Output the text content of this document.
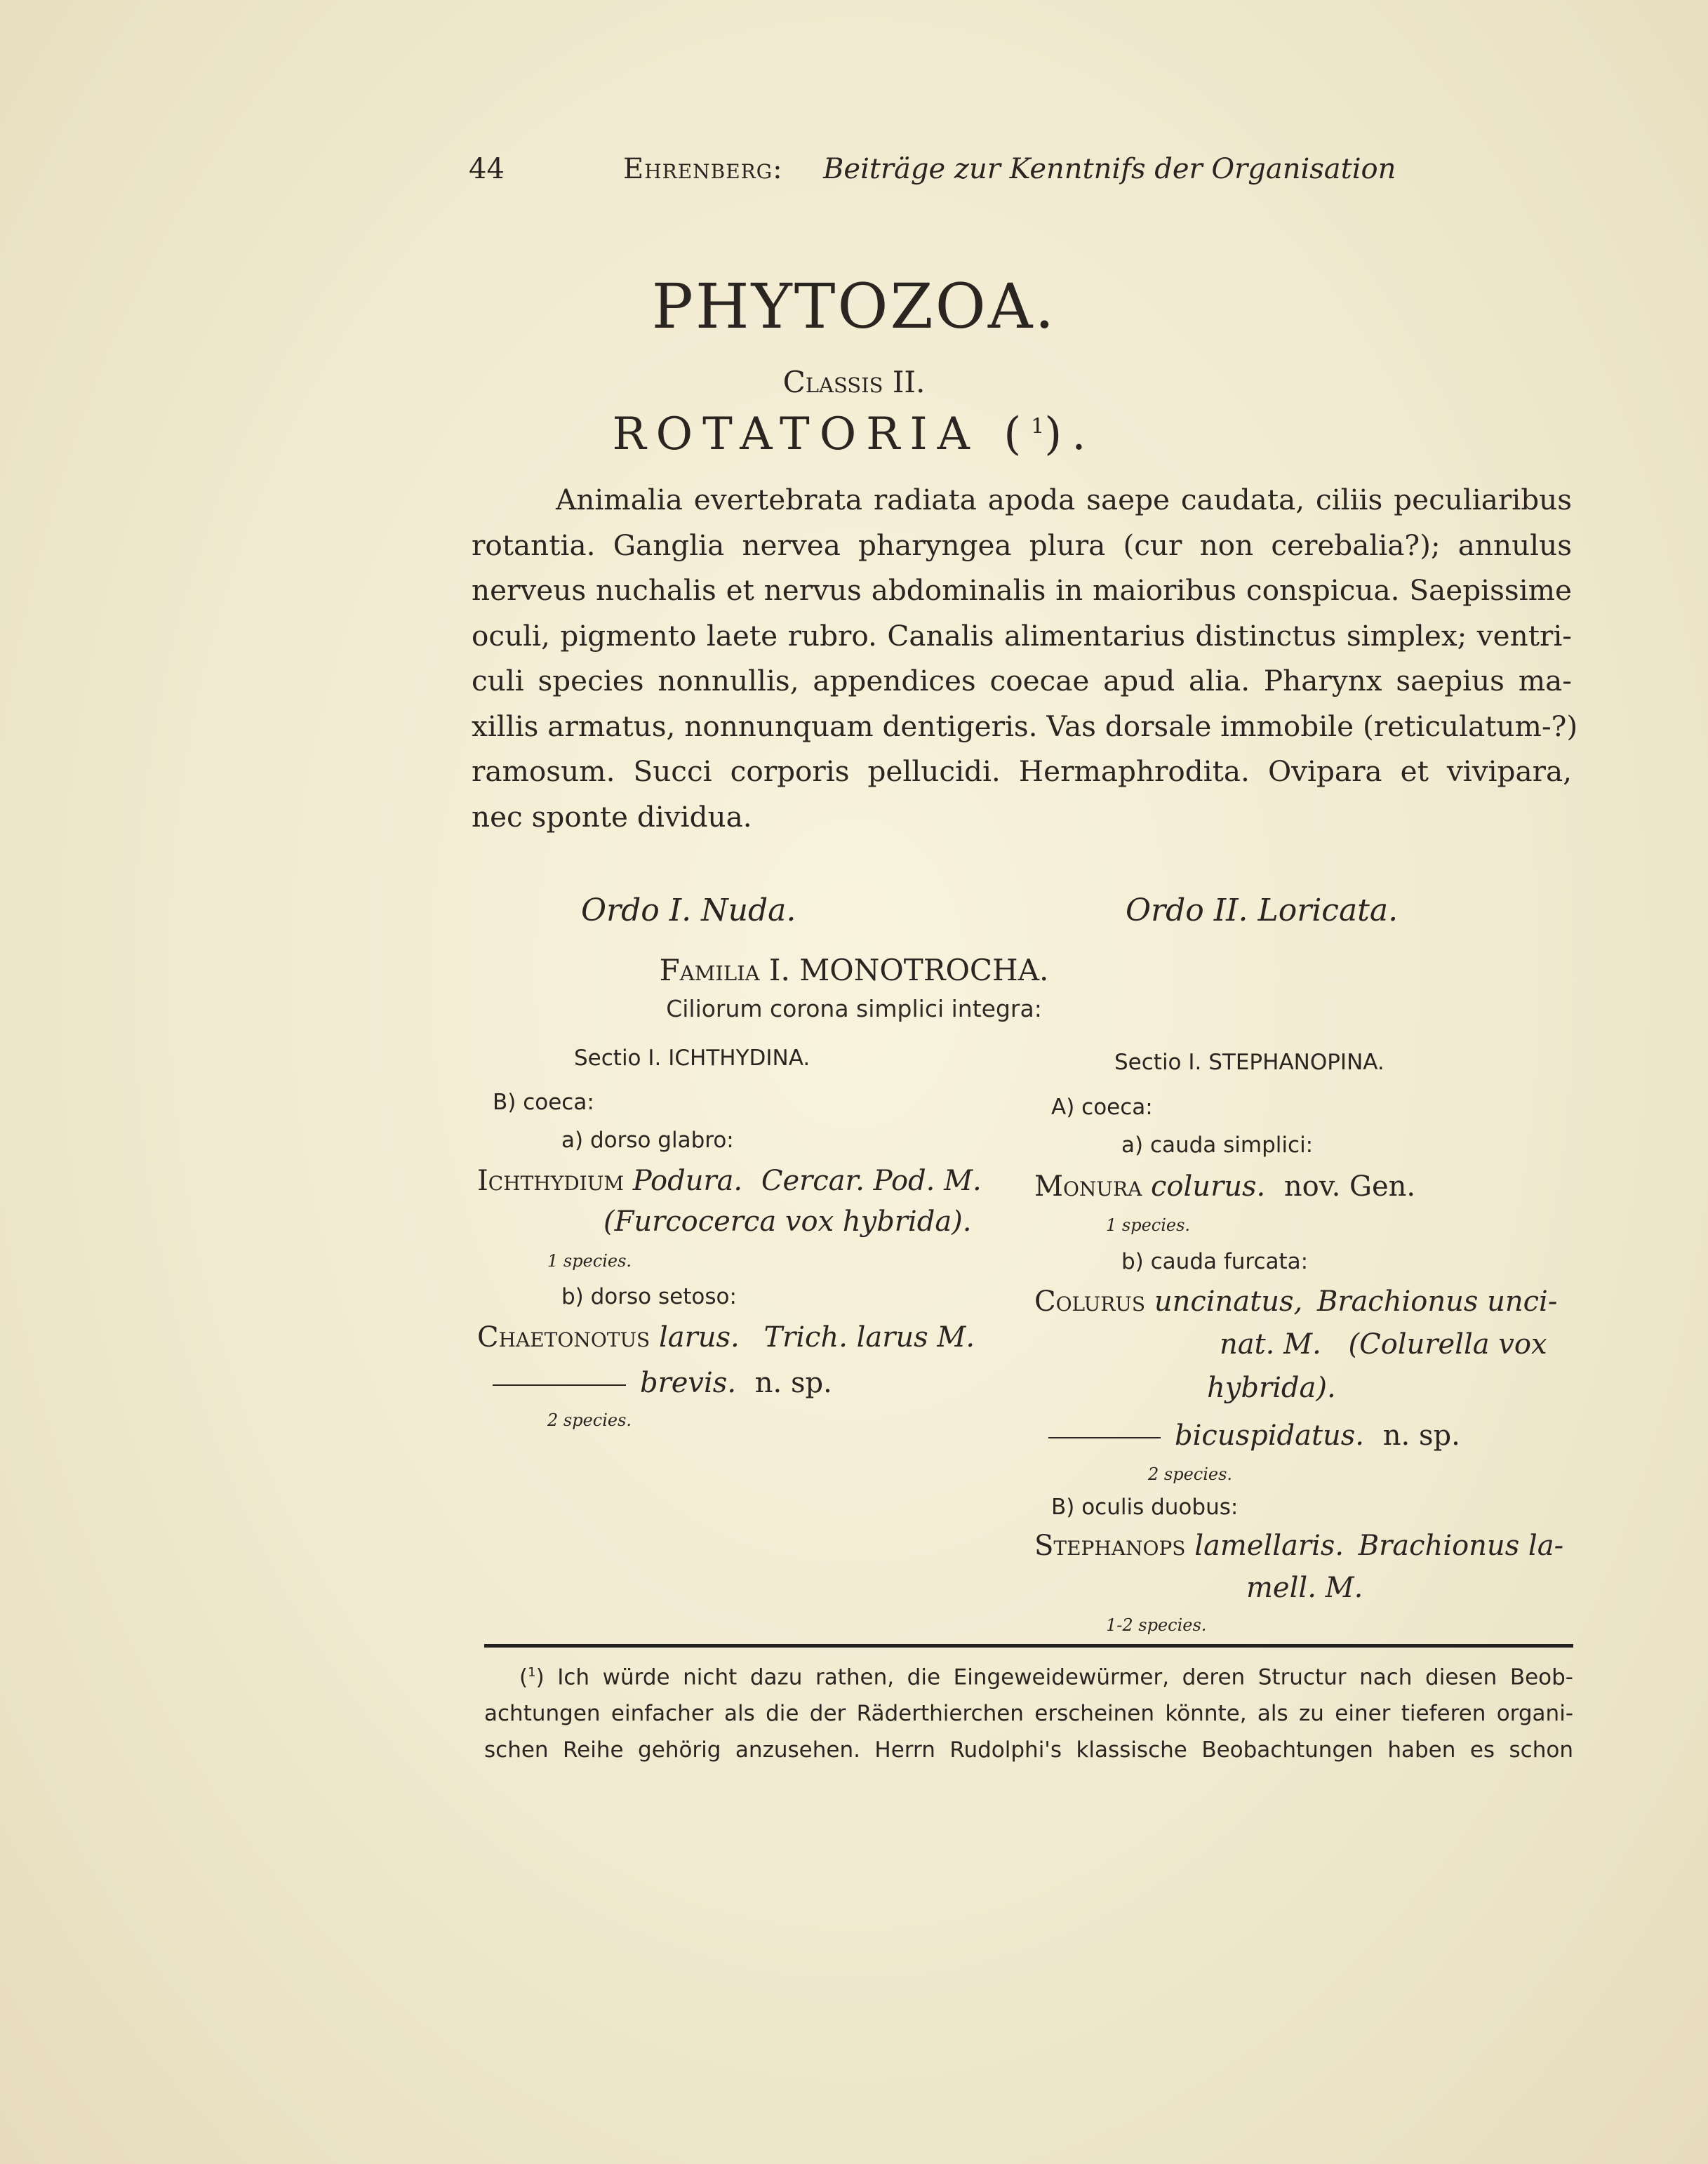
44	Ehrenberg: Beiträge zur Kenntnifs der Organisation
PHYTOZOA.
Classis II.
ROTATORIA ($^1$).
Animalia evertebrata radiata apoda saepe caudata, ciliis peculiaribus
rotantia. Ganglia nervea pharyngea plura (cur non cerebalia?); annulus
nerveus nuchalis et nervus abdominalis in maioribus conspicua. Saepissime
oculi, pigmento laete rubro. Canalis alimentarius distinctus simplex; ventri-
culi species nonnullis, appendices coecae apud alia. Pharynx saepius ma-
xillis armatus, nonnunquam dentigeris. Vas dorsale immobile (reticulatum-?)
ramosum. Succi corporis pellucidi. Hermaphrodita. Ovipara et vivipara,
nec sponte dividua.
Ordo I. Nuda.	Ordo II. Loricata.
Familia I. MONOTROCHA.
Ciliorum corona simplici integra:
Sectio I. ICHTHYDINA.
B) coeca:
a) dorso glabro:
Ichthydium Podura. Cercar. Pod. M.
(Furcocerca vox hybrida).
1 species.
b) dorso setoso:
Chaetonotus larus. Trich. larus M.
brevis. n. sp.
2 species.
Sectio I. STEPHANOPINA.
A) coeca:
a) cauda simplici:
Monura colurus. nov. Gen.
1 species.
b) cauda furcata:
Colurus uncinatus, Brachionus unci-
nat. M. (Colurella vox
hybrida).
bicuspidatus. n. sp.
2 species.
B) oculis duobus:
Stephanops lamellaris. Brachionus la-
mell. M.
1-2 species.
($^1$) Ich würde nicht dazu rathen, die Eingeweidewürmer, deren Structur nach diesen Beob-
achtungen einfacher als die der Räderthierchen erscheinen könnte, als zu einer tieferen organi-
schen Reihe gehörig anzusehen. Herrn Rudolphi's klassische Beobachtungen haben es schon
